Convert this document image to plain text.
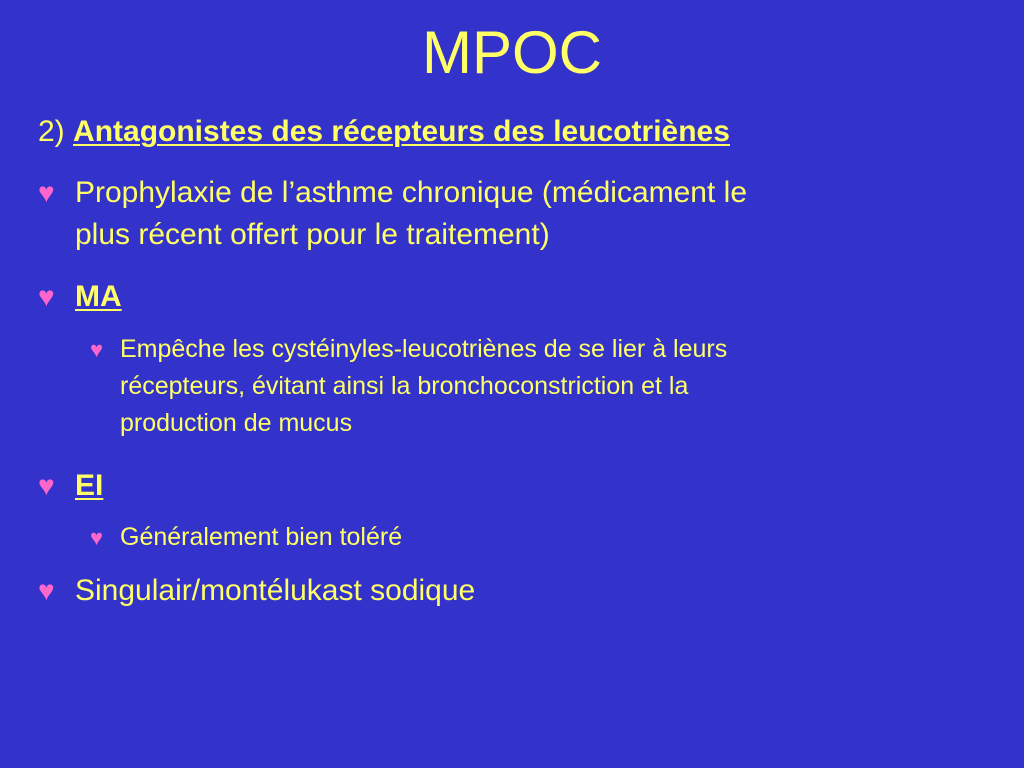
MPOC
2) Antagonistes des récepteurs des leucotriènes
♥ Prophylaxie de l’asthme chronique (médicament le
plus récent offert pour le traitement)
♥ MA
♥ Empêche les cystéinyles-leucotriènes de se lier à leurs
récepteurs, évitant ainsi la bronchoconstriction et la
production de mucus
♥ EI
♥ Généralement bien toléré
♥ Singulair/montélukast sodique
